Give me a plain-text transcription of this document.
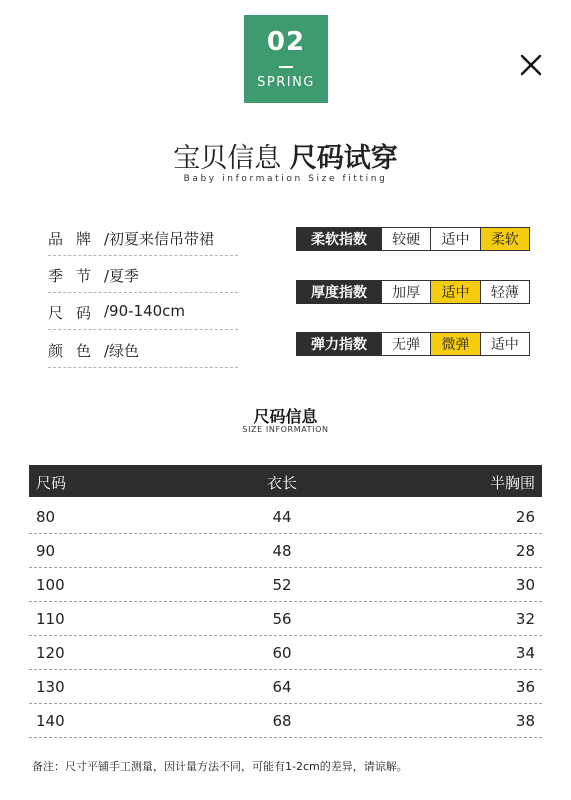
02
SPRING
宝贝信息 尺码试穿
Baby information Size fitting
品 牌 /初夏来信吊带裙
季 节 /夏季
尺 码 /90-140cm
颜 色 /绿色
柔软指数	较硬	适中	柔软
厚度指数	加厚	适中	轻薄
弹力指数	无弹	微弹	适中
尺码信息
SIZE INFORMATION
尺码	衣长	半胸围
80	44	26
90	48	28
100	52	30
110	56	32
120	60	34
130	64	36
140	68	38
备注：尺寸平铺手工测量，因计量方法不同，可能有1-2cm的差异，请谅解。
